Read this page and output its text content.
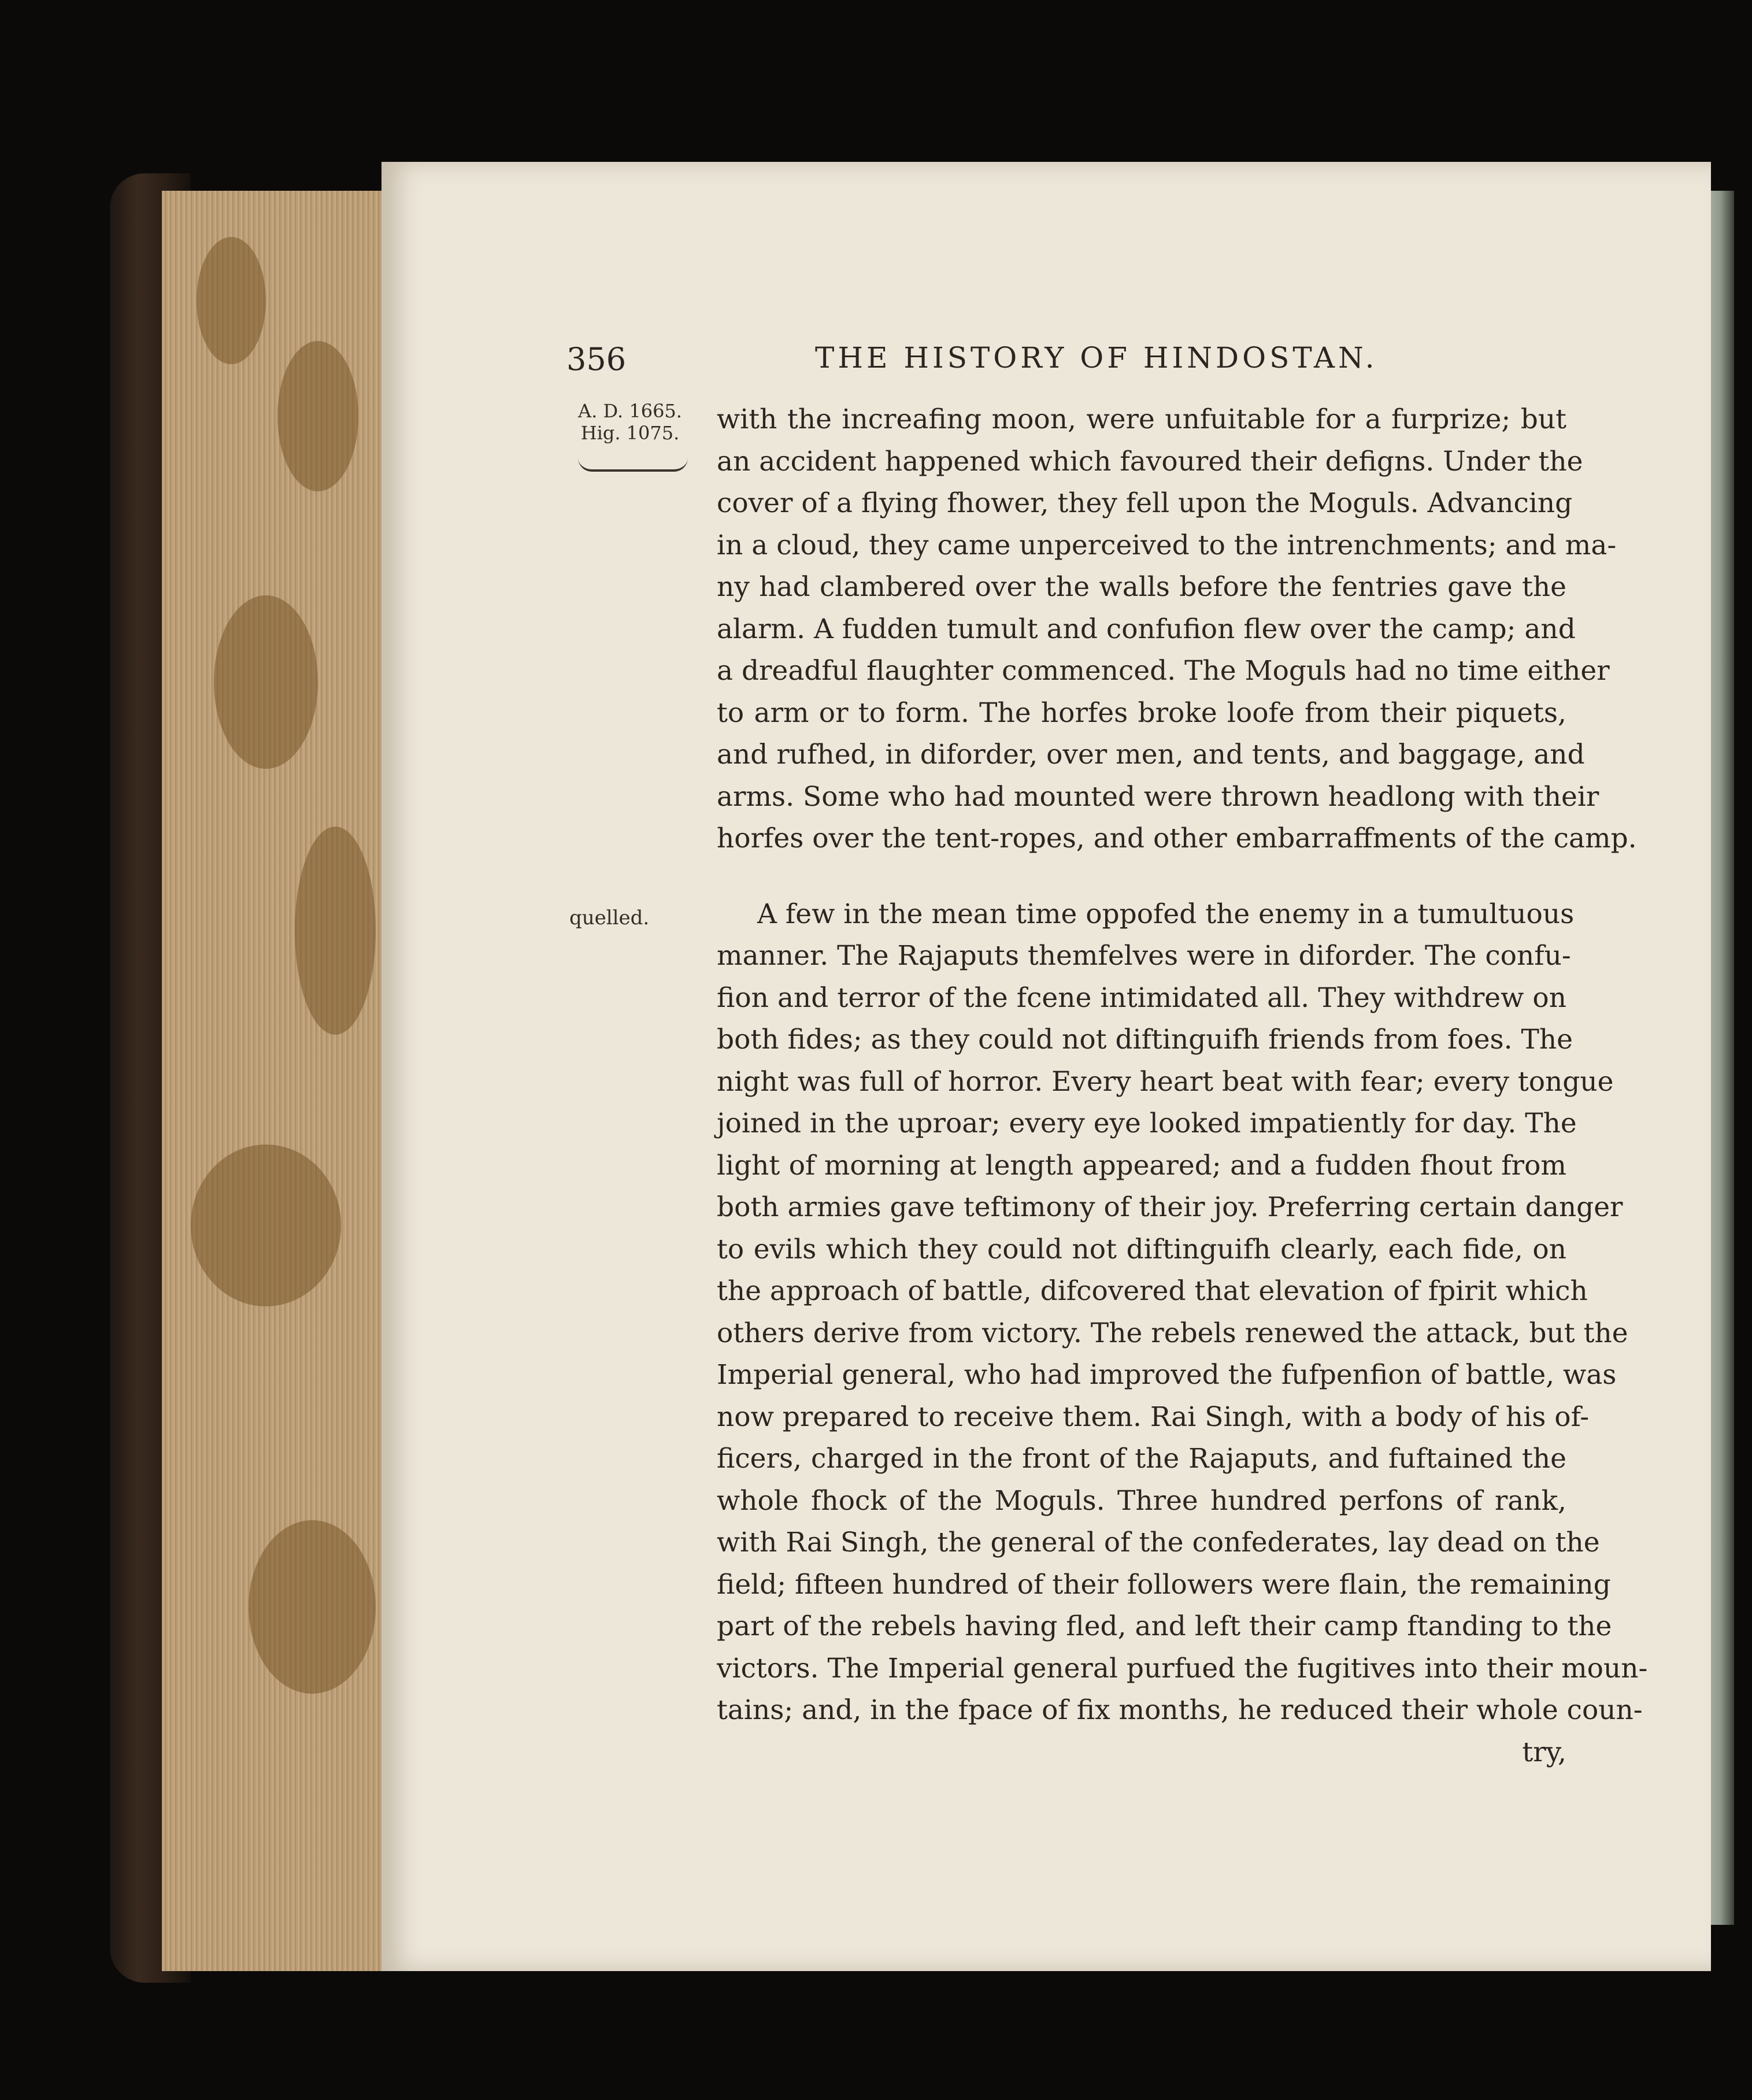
356	THE HISTORY OF HINDOSTAN.
A. D. 1665.
Hig. 1075.
quelled.
with the increafing moon, were unfuitable for a furprize; but
an accident happened which favoured their defigns. Under the
cover of a flying fhower, they fell upon the Moguls. Advancing
in a cloud, they came unperceived to the intrenchments; and ma-
ny had clambered over the walls before the fentries gave the
alarm. A fudden tumult and confufion flew over the camp; and
a dreadful flaughter commenced. The Moguls had no time either
to arm or to form. The horfes broke loofe from their piquets,
and rufhed, in diforder, over men, and tents, and baggage, and
arms. Some who had mounted were thrown headlong with their
horfes over the tent-ropes, and other embarraffments of the camp.
A few in the mean time oppofed the enemy in a tumultuous
manner. The Rajaputs themfelves were in diforder. The confu-
fion and terror of the fcene intimidated all. They withdrew on
both fides; as they could not diftinguifh friends from foes. The
night was full of horror. Every heart beat with fear; every tongue
joined in the uproar; every eye looked impatiently for day. The
light of morning at length appeared; and a fudden fhout from
both armies gave teftimony of their joy. Preferring certain danger
to evils which they could not diftinguifh clearly, each fide, on
the approach of battle, difcovered that elevation of fpirit which
others derive from victory. The rebels renewed the attack, but the
Imperial general, who had improved the fufpenfion of battle, was
now prepared to receive them. Rai Singh, with a body of his of-
ficers, charged in the front of the Rajaputs, and fuftained the
whole fhock of the Moguls. Three hundred perfons of rank,
with Rai Singh, the general of the confederates, lay dead on the
field; fifteen hundred of their followers were flain, the remaining
part of the rebels having fled, and left their camp ftanding to the
victors. The Imperial general purfued the fugitives into their moun-
tains; and, in the fpace of fix months, he reduced their whole coun-
try,
